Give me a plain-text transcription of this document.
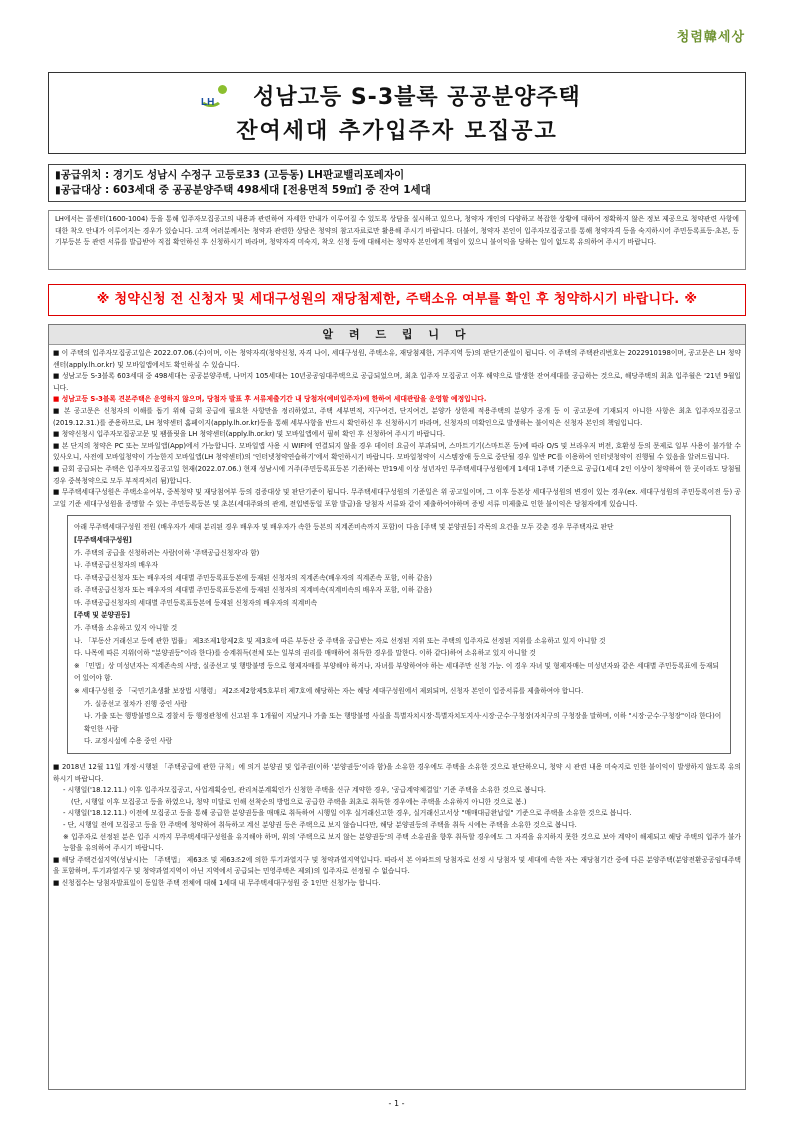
청렴韓세상
LH	성남고등 S-3블록 공공분양주택
잔여세대 추가입주자 모집공고
▮공급위치 : 경기도 성남시 수정구 고등로33 (고등동) LH판교밸리포레자이
▮공급대상 : 603세대 중 공공분양주택 498세대 [전용면적 59㎡] 중 잔여 1세대
LH에서는 콜센터(1600-1004) 등을 통해 입주자모집공고의 내용과 관련하여 자세한 안내가 이루어질 수 있도록 상담을 실시하고 있으나, 청약자 개인의 다양하고 복잡한 상황에 대하여 정확하지 않은 정보 제공으로 청약관련 사항에 대한 착오 안내가 이루어지는 경우가 있습니다. 고객 여러분께서는 청약과 관련한 상담은 청약의 참고자료로만 활용해 주시기 바랍니다. 더불어, 청약자 본인이 입주자모집공고를 통해 청약자격 등을 숙지하시어 주민등록표등·초본, 등기부등본 등 관련 서류를 발급받아 직접 확인하신 후 신청하시기 바라며, 청약자격 미숙지, 착오 신청 등에 대해서는 청약자 본인에게 책임이 있으니 불이익을 당하는 일이 없도록 유의하여 주시기 바랍니다.
※ 청약신청 전 신청자 및 세대구성원의 재당첨제한, 주택소유 여부를 확인 후 청약하시기 바랍니다. ※
알 려 드 립 니 다

■ 이 주택의 입주자모집공고일은 2022.07.06.(수)이며, 이는 청약자격(청약신청, 자격 나이, 세대구성원, 주택소유, 재당첨제한, 거주지역 등)의 판단기준일이 됩니다. 이 주택의 주택관리번호는 2022910198이며, 공고문은 LH 청약센터(apply.lh.or.kr) 및 모바일앱에서도 확인하실 수 있습니다.

■ 성남고등 S-3블록 603세대 중 498세대는 공공분양주택, 나머지 105세대는 10년공공임대주택으로 공급되었으며, 최초 입주자 모집공고 이후 해약으로 발생한 잔여세대를 공급하는 것으로, 해당주택의 최초 입주월은 '21년 9월입니다.

■ 성남고등 S-3블록 견본주택은 운영하지 않으며, 당첨자 발표 후 서류제출기간 내 당첨자(예비입주자)에 한하여 세대관람을 운영할 예정입니다.

■ 본 공고문은 신청자의 이해를 돕기 위해 금회 공급에 필요한 사항만을 정리하였고, 주택 세부면적, 지구여건, 단지여건, 분양가 상한제 적용주택의 분양가 공개 등 이 공고문에 기재되지 아니한 사항은 최초 입주자모집공고(2019.12.31.)를 준용하므로, LH 청약센터 홈페이지(apply.lh.or.kr)등을 통해 세부사항을 반드시 확인하신 후 신청하시기 바라며, 신청자의 미확인으로 발생하는 불이익은 신청자 본인의 책임입니다.

■ 청약신청시 입주자모집공고문 및 팸플릿을 LH 청약센터(apply.lh.or.kr) 및 모바일앱에서 필히 확인 후 신청하여 주시기 바랍니다.

■ 본 단지의 청약은 PC 또는 모바일앱(App)에서 가능합니다. 모바일앱 사용 시 WIFI에 연결되지 않을 경우 데이터 요금이 부과되며, 스마트기기(스마트폰 등)에 따라 O/S 및 브라우저 버전, 호환성 등의 문제로 일부 사용이 불가할 수 있사오니, 사전에 모바일청약이 가능한지 모바일앱(LH 청약센터)의 '인터넷청약연습하기'에서 확인하시기 바랍니다. 모바일청약이 시스템장애 등으로 중단될 경우 일반 PC를 이용하여 인터넷청약이 진행될 수 있음을 알려드립니다.

■ 금회 공급되는 주택은 입주자모집공고일 현재(2022.07.06.) 현재 성남시에 거주(주민등록표등본 기준)하는 만19세 이상 성년자인 무주택세대구성원에게 1세대 1주택 기준으로 공급(1세대 2인 이상이 청약하여 한 곳이라도 당첨될 경우 중복청약으로 모두 부적격처리 됨)합니다.

■ 무주택세대구성원은 주택소유여부, 중복청약 및 재당첨여부 등의 검증대상 및 판단기준이 됩니다. 무주택세대구성원의 기준일은 위 공고일이며, 그 이후 등본상 세대구성원의 변경이 있는 경우(ex. 세대구성원의 주민등록이전 등) 공고일 기준 세대구성원을 증명할 수 있는 주민등록등본 및 초본(세대주와의 관계, 전입변동일 포함 발급)을 당첨자 서류와 같이 제출하여야하며 증빙 서류 미제출로 인한 불이익은 당첨자에게 있습니다.

아래 무주택세대구성원 전원 (배우자가 세대 분리된 경우 배우자 및 배우자가 속한 등본의 직계존비속까지 포함)이 다음 [주택 및 분양권등] 각목의 요건을 모두 갖춘 경우 무주택자로 판단

[무주택세대구성원]

가. 주택의 공급을 신청하려는 사람(이하 '주택공급신청자'라 함)

나. 주택공급신청자의 배우자

다. 주택공급신청자 또는 배우자의 세대별 주민등록표등본에 등재된 신청자의 직계존속(배우자의 직계존속 포함, 이하 같음)

라. 주택공급신청자 또는 배우자의 세대별 주민등록표등본에 등재된 신청자의 직계비속(직계비속의 배우자 포함, 이하 같음)

마. 주택공급신청자의 세대별 주민등록표등본에 등재된 신청자의 배우자의 직계비속

[주택 및 분양권등]

가. 주택을 소유하고 있지 아니할 것

나. 「부동산 거래신고 등에 관한 법률」 제3조제1항제2호 및 제3호에 따른 부동산 중 주택을 공급받는 자로 선정된 지위 또는 주택의 입주자로 선정된 지위를 소유하고 있지 아니할 것

다. 나목에 따른 지위(이하 "분양권등"이라 한다)를 승계취득(전체 또는 일부의 권리를 매매하여 취득한 경우를 말한다. 이하 같다)하여 소유하고 있지 아니할 것

※ 「민법」상 미성년자는 직계존속의 사망, 실종선고 및 행방불명 등으로 형제자매를 부양해야 하거나, 자녀를 부양하여야 하는 세대주만 신청 가능. 이 경우 자녀 및 형제자매는 미성년자와 같은 세대별 주민등록표에 등재되어 있어야 함.

※ 세대구성원 중 「국민기초생활 보장법 시행령」 제2조제2항제5호부터 제7호에 해당하는 자는 해당 세대구성원에서 제외되며, 신청자 본인이 입증서류를 제출하여야 합니다.

가. 실종선고 절차가 진행 중인 사람

나. 가출 또는 행방불명으로 경찰서 등 행정관청에 신고된 후 1개월이 지났거나 가출 또는 행방불명 사실을 특별자치시장·특별자치도지사·시장·군수·구청장(자치구의 구청장을 말하며, 이하 "시장·군수·구청장"이라 한다)이 확인한 사람

다. 교정시설에 수용 중인 사람

■ 2018년 12월 11일 개정·시행된 「주택공급에 관한 규칙」에 의거 분양권 및 입주권(이하 '분양권등'이라 함)을 소유한 경우에도 주택을 소유한 것으로 판단하오니, 청약 시 관련 내용 미숙지로 인한 불이익이 발생하지 않도록 유의하시기 바랍니다.

- 시행일('18.12.11.) 이후 입주자모집공고, 사업계획승인, 관리처분계획인가 신청한 주택을 신규 계약한 경우, '공급계약체결일' 기준 주택을 소유한 것으로 봅니다.

(단, 시행일 이후 모집공고 등을 하였으나, 청약 미달로 인해 선착순의 방법으로 공급한 주택을 최초로 취득한 경우에는 주택을 소유하지 아니한 것으로 봄.)

- 시행일('18.12.11.) 이전에 모집공고 등을 통해 공급한 분양권등을 매매로 취득하여 시행일 이후 실거래신고한 경우, 실거래신고서상 "매매대금완납일" 기준으로 주택을 소유한 것으로 봅니다.

- 단, 시행일 전에 모집공고 등을 한 주택에 청약하여 취득하고 계신 분양권 등은 주택으로 보지 않습니다만, 해당 분양권등의 주택을 취득 시에는 주택을 소유한 것으로 봅니다.

※ 입주자로 선정된 분은 입주 시까지 무주택세대구성원을 유지해야 하며, 위의 '주택으로 보지 않는 분양권등'의 주택 소유권을 향후 취득할 경우에도 그 자격을 유지하지 못한 것으로 보아 계약이 해제되고 해당 주택의 입주가 불가능함을 유의하여 주시기 바랍니다.

■ 해당 주택건설지역(성남시)는 「주택법」 제63조 및 제63조2에 의한 투기과열지구 및 청약과열지역입니다. 따라서 본 아파트의 당첨자로 선정 시 당첨자 및 세대에 속한 자는 재당첨기간 중에 다른 분양주택(분양전환공공임대주택을 포함하며, 투기과열지구 및 청약과열지역이 아닌 지역에서 공급되는 민영주택은 제외)의 입주자로 선정될 수 없습니다.

■ 신청접수는 당첨자발표일이 동일한 주택 전체에 대해 1세대 내 무주택세대구성원 중 1인만 신청가능 합니다.

- 1 -
